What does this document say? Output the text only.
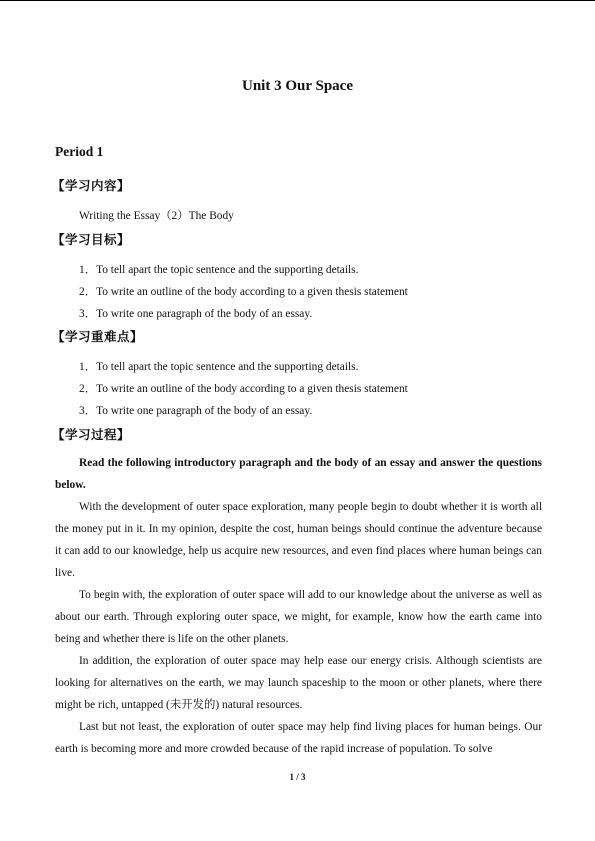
Unit 3 Our Space
Period 1
【学习内容】
Writing the Essay（2）The Body
【学习目标】
1．To tell apart the topic sentence and the supporting details.
2．To write an outline of the body according to a given thesis statement
3．To write one paragraph of the body of an essay.
【学习重难点】
1．To tell apart the topic sentence and the supporting details.
2．To write an outline of the body according to a given thesis statement
3．To write one paragraph of the body of an essay.
【学习过程】
Read the following introductory paragraph and the body of an essay and answer the questions below.
With the development of outer space exploration, many people begin to doubt whether it is worth all the money put in it. In my opinion, despite the cost, human beings should continue the adventure because it can add to our knowledge, help us acquire new resources, and even find places where human beings can live.
To begin with, the exploration of outer space will add to our knowledge about the universe as well as about our earth. Through exploring outer space, we might, for example, know how the earth came into being and whether there is life on the other planets.
In addition, the exploration of outer space may help ease our energy crisis. Although scientists are looking for alternatives on the earth, we may launch spaceship to the moon or other planets, where there might be rich, untapped (未开发的) natural resources.
Last but not least, the exploration of outer space may help find living places for human beings. Our earth is becoming more and more crowded because of the rapid increase of population. To solve
1 / 3
